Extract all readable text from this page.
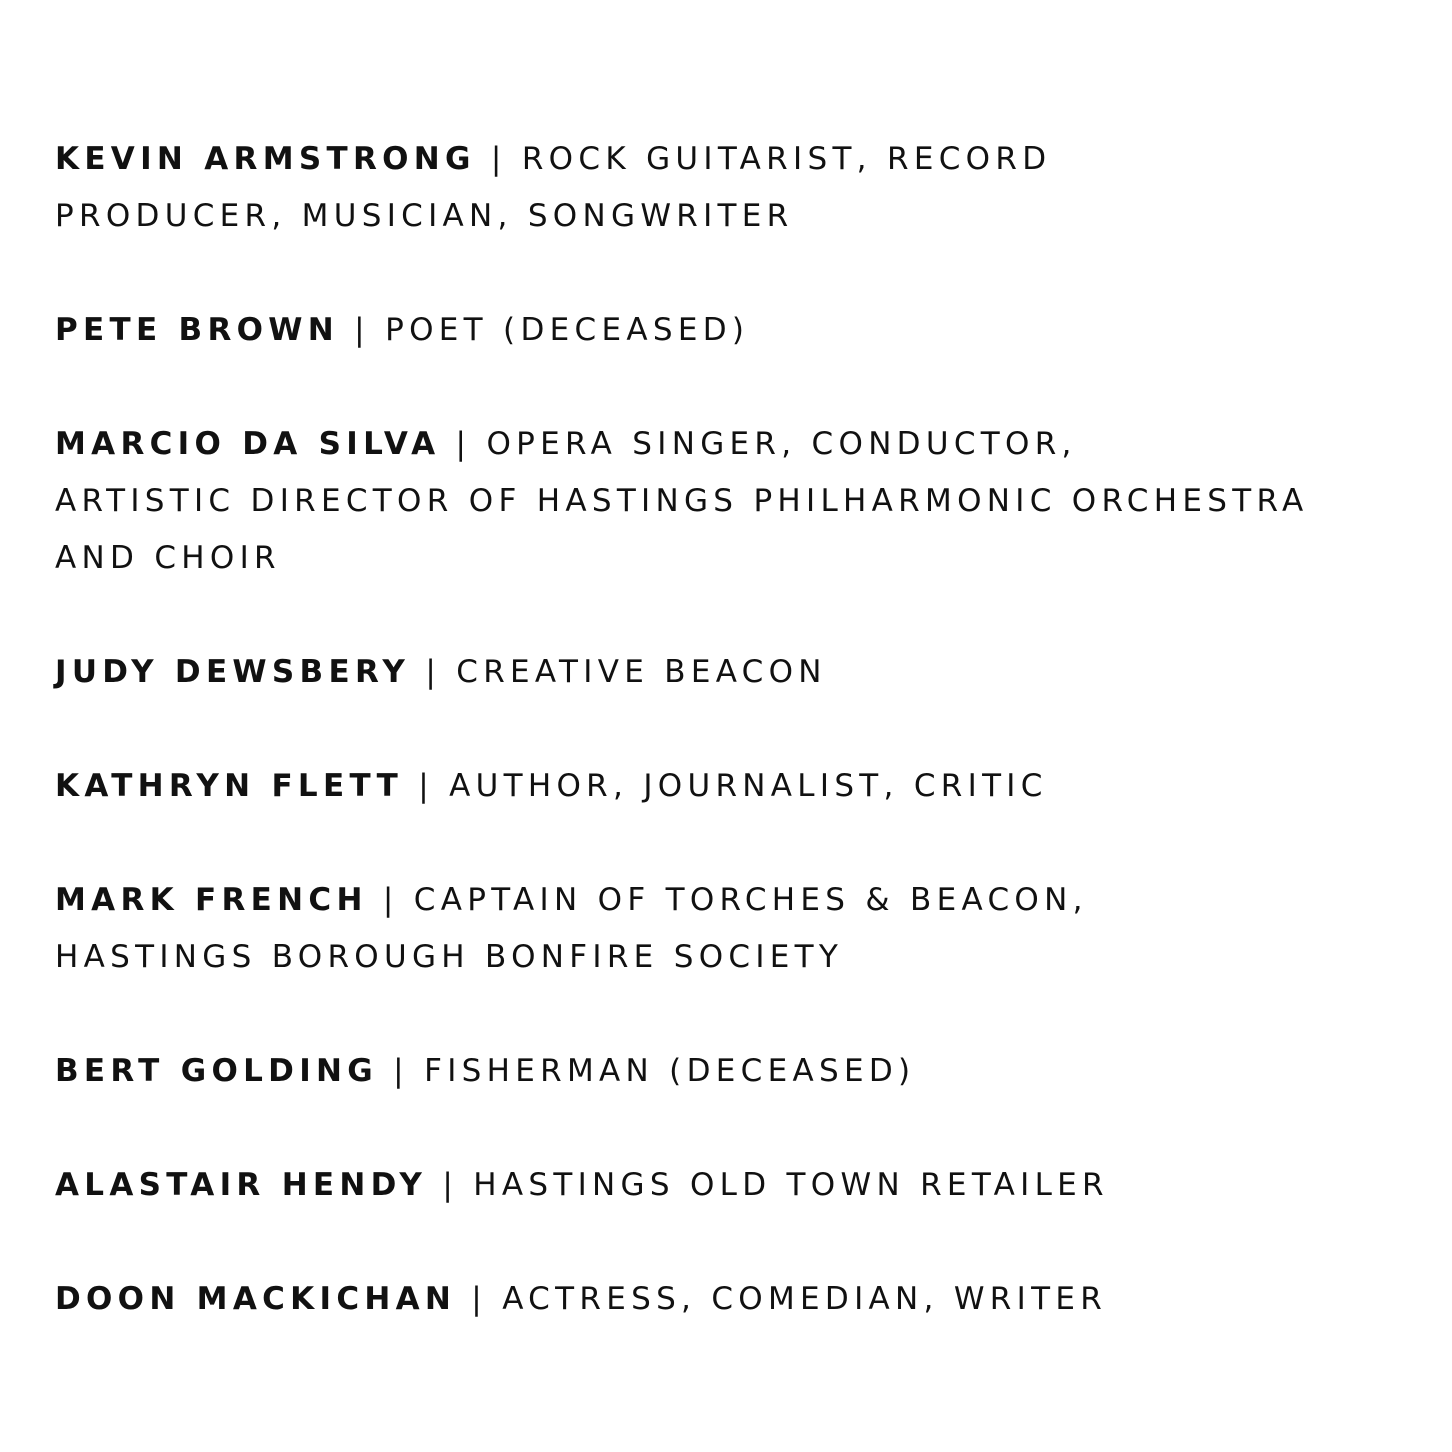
KEVIN ARMSTRONG | ROCK GUITARIST, RECORD
PRODUCER, MUSICIAN, SONGWRITER
PETE BROWN | POET (DECEASED)
MARCIO DA SILVA | OPERA SINGER, CONDUCTOR,
ARTISTIC DIRECTOR OF HASTINGS PHILHARMONIC ORCHESTRA
AND CHOIR
JUDY DEWSBERY | CREATIVE BEACON
KATHRYN FLETT | AUTHOR, JOURNALIST, CRITIC
MARK FRENCH | CAPTAIN OF TORCHES & BEACON,
HASTINGS BOROUGH BONFIRE SOCIETY
BERT GOLDING | FISHERMAN (DECEASED)
ALASTAIR HENDY | HASTINGS OLD TOWN RETAILER
DOON MACKICHAN | ACTRESS, COMEDIAN, WRITER
